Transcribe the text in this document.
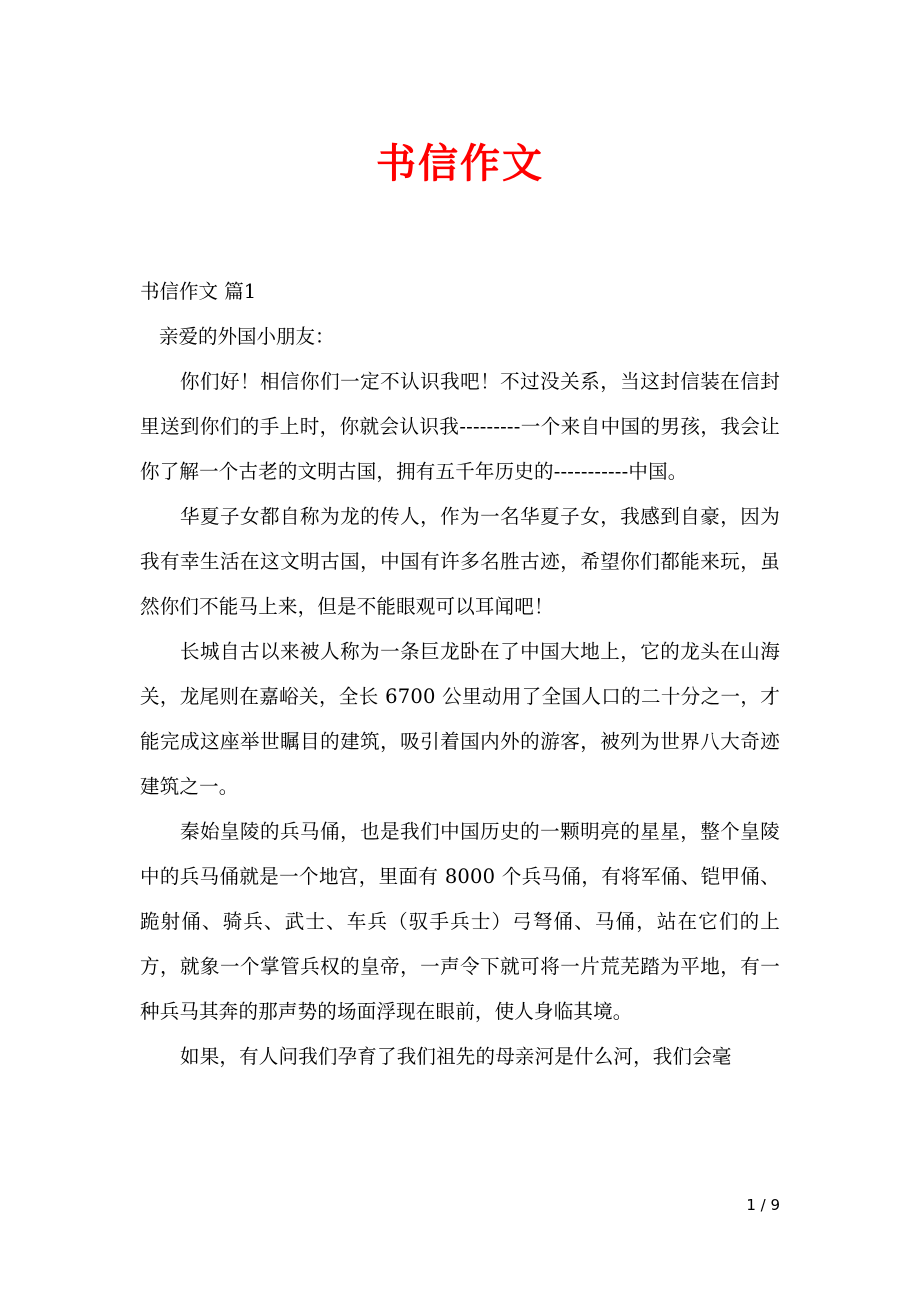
书信作文

书信作文 篇1

亲爱的外国小朋友：

你们好！相信你们一定不认识我吧！不过没关系，当这封信装在信封里送到你们的手上时，你就会认识我---------一个来自中国的男孩，我会让你了解一个古老的文明古国，拥有五千年历史的-----------中国。

华夏子女都自称为龙的传人，作为一名华夏子女，我感到自豪，因为我有幸生活在这文明古国，中国有许多名胜古迹，希望你们都能来玩，虽然你们不能马上来，但是不能眼观可以耳闻吧！

长城自古以来被人称为一条巨龙卧在了中国大地上，它的龙头在山海关，龙尾则在嘉峪关，全长 6700 公里动用了全国人口的二十分之一，才能完成这座举世瞩目的建筑，吸引着国内外的游客，被列为世界八大奇迹建筑之一。

秦始皇陵的兵马俑，也是我们中国历史的一颗明亮的星星，整个皇陵中的兵马俑就是一个地宫，里面有 8000 个兵马俑，有将军俑、铠甲俑、跪射俑、骑兵、武士、车兵（驭手兵士）弓弩俑、马俑，站在它们的上方，就象一个掌管兵权的皇帝，一声令下就可将一片荒芜踏为平地，有一种兵马其奔的那声势的场面浮现在眼前，使人身临其境。

如果，有人问我们孕育了我们祖先的母亲河是什么河，我们会毫

1 / 9
